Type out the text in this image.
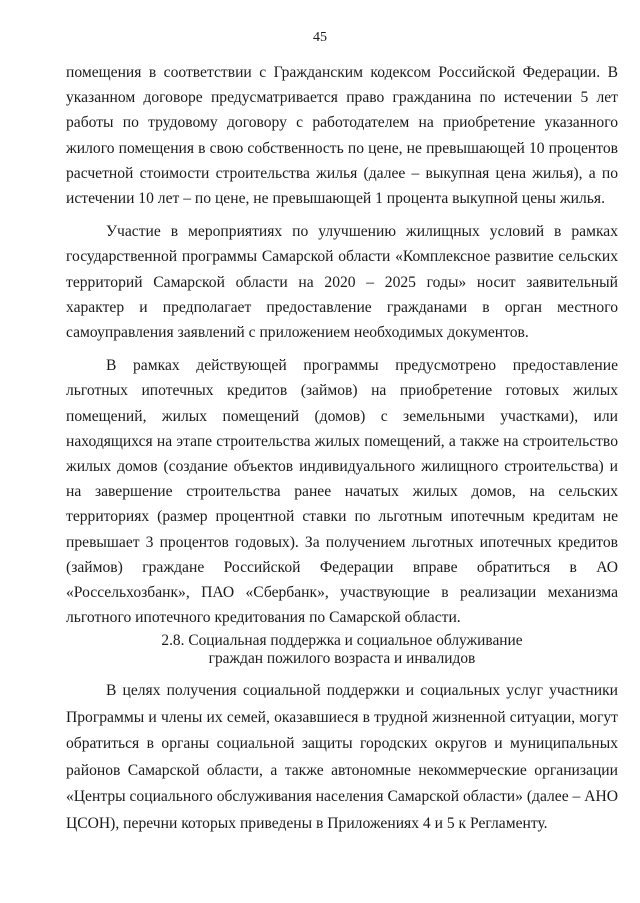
45

помещения в соответствии с Гражданским кодексом Российской Федерации. В указанном договоре предусматривается право гражданина по истечении 5 лет работы по трудовому договору с работодателем на приобретение указанного жилого помещения в свою собственность по цене, не превышающей 10 процентов расчетной стоимости строительства жилья (далее – выкупная цена жилья), а по истечении 10 лет – по цене, не превышающей 1 процента выкупной цены жилья.

Участие в мероприятиях по улучшению жилищных условий в рамках государственной программы Самарской области «Комплексное развитие сельских территорий Самарской области на 2020 – 2025 годы» носит заявительный характер и предполагает предоставление гражданами в орган местного самоуправления заявлений с приложением необходимых документов.

В рамках действующей программы предусмотрено предоставление льготных ипотечных кредитов (займов) на приобретение готовых жилых помещений, жилых помещений (домов) с земельными участками), или находящихся на этапе строительства жилых помещений, а также на строительство жилых домов (создание объектов индивидуального жилищного строительства) и на завершение строительства ранее начатых жилых домов, на сельских территориях (размер процентной ставки по льготным ипотечным кредитам не превышает 3 процентов годовых). За получением льготных ипотечных кредитов (займов) граждане Российской Федерации вправе обратиться в АО «Россельхозбанк», ПАО «Сбербанк», участвующие в реализации механизма льготного ипотечного кредитования по Самарской области.

2.8. Социальная поддержка и социальное облуживание
граждан пожилого возраста и инвалидов

В целях получения социальной поддержки и социальных услуг участники Программы и члены их семей, оказавшиеся в трудной жизненной ситуации, могут обратиться в органы социальной защиты городских округов и муниципальных районов Самарской области, а также автономные некоммерческие организации «Центры социального обслуживания населения Самарской области» (далее – АНО ЦСОН), перечни которых приведены в Приложениях 4 и 5 к Регламенту.
